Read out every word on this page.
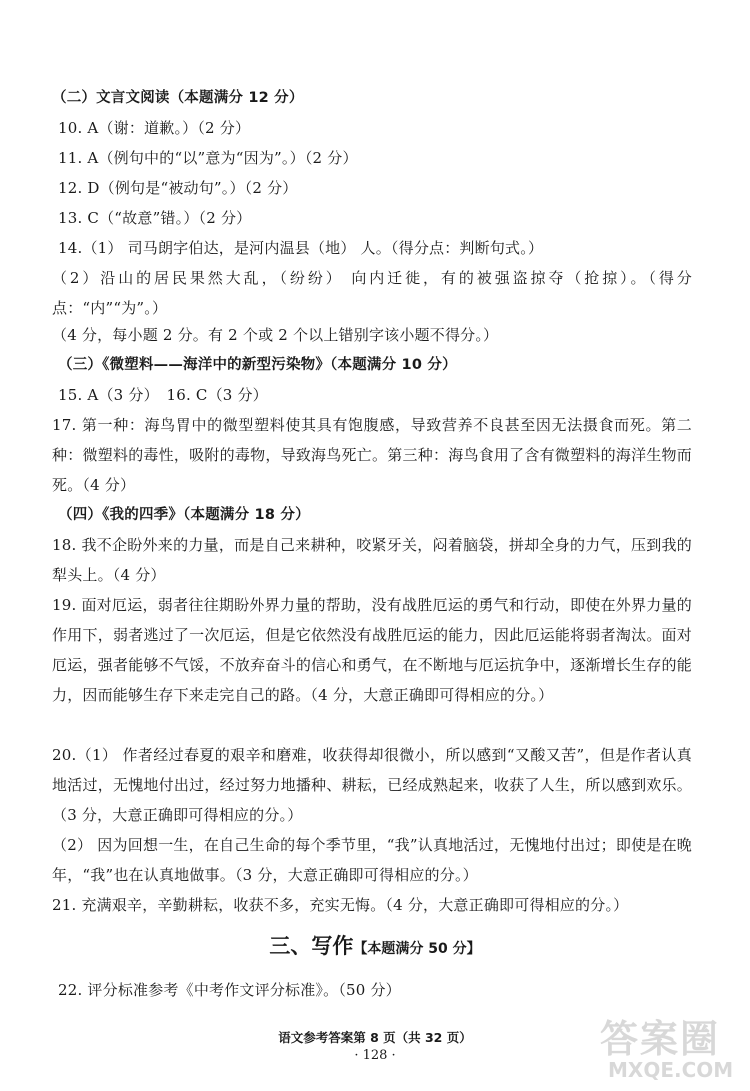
（二）文言文阅读（本题满分 12 分）
10. A（谢：道歉。）（2 分）
11. A（例句中的“以”意为“因为”。）（2 分）
12. D（例句是“被动句”。）（2 分）
13. C（“故意”错。）（2 分）
14.（1） 司马朗字伯达，是河内温县（地） 人。（得分点：判断句式。）
（2）沿山的居民果然大乱，（纷纷） 向内迁徙，有的被强盗掠夺（抢掠）。（得分点：“内”“为”。）
（4 分，每小题 2 分。有 2 个或 2 个以上错别字该小题不得分。）
（三）《微塑料——海洋中的新型污染物》（本题满分 10 分）
15. A（3 分）　16. C（3 分）
17. 第一种：海鸟胃中的微型塑料使其具有饱腹感，导致营养不良甚至因无法摄食而死。第二种：微塑料的毒性，吸附的毒物，导致海鸟死亡。第三种：海鸟食用了含有微塑料的海洋生物而死。（4 分）
（四）《我的四季》（本题满分 18 分）
18. 我不企盼外来的力量，而是自己来耕种，咬紧牙关，闷着脑袋，拼却全身的力气，压到我的犁头上。（4 分）
19. 面对厄运，弱者往往期盼外界力量的帮助，没有战胜厄运的勇气和行动，即使在外界力量的作用下，弱者逃过了一次厄运，但是它依然没有战胜厄运的能力，因此厄运能将弱者淘汰。面对厄运，强者能够不气馁，不放弃奋斗的信心和勇气，在不断地与厄运抗争中，逐渐增长生存的能力，因而能够生存下来走完自己的路。（4 分，大意正确即可得相应的分。）
20.（1） 作者经过春夏的艰辛和磨难，收获得却很微小，所以感到“又酸又苦”，但是作者认真地活过，无愧地付出过，经过努力地播种、耕耘，已经成熟起来，收获了人生，所以感到欢乐。（3 分，大意正确即可得相应的分。）
（2） 因为回想一生，在自己生命的每个季节里，“我”认真地活过，无愧地付出过；即使是在晚年，“我”也在认真地做事。（3 分，大意正确即可得相应的分。）
21. 充满艰辛，辛勤耕耘，收获不多，充实无悔。（4 分，大意正确即可得相应的分。）
三、写作【本题满分 50 分】
22. 评分标准参考《中考作文评分标准》。（50 分）
语文参考答案第 8 页（共 32 页）
· 128 ·	答案圈
MXQE.COM
